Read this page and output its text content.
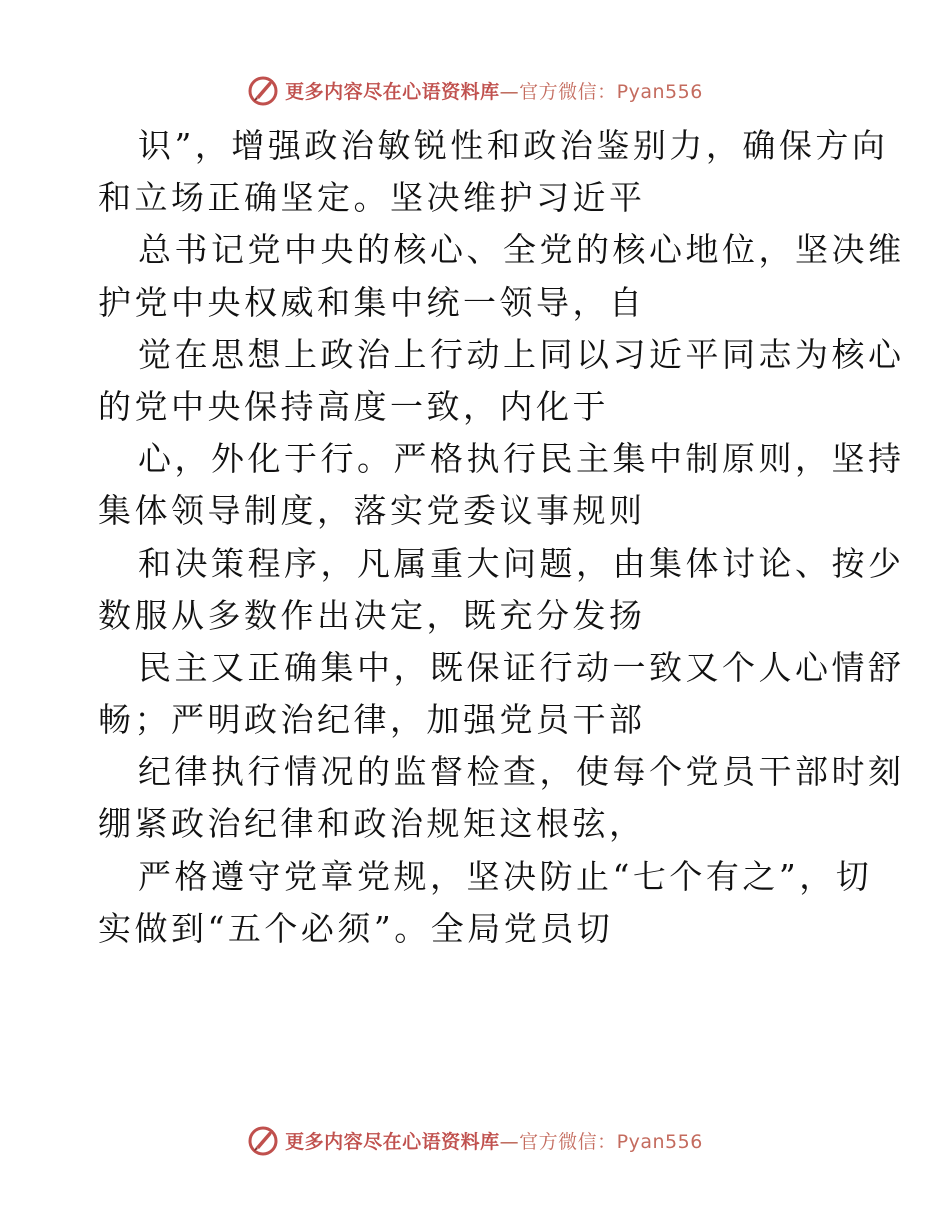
更多内容尽在心语资料库—官方微信：Pyan556
识”，增强政治敏锐性和政治鉴别力，确保方向
和立场正确坚定。坚决维护习近平
总书记党中央的核心、全党的核心地位，坚决维
护党中央权威和集中统一领导，自
觉在思想上政治上行动上同以习近平同志为核心
的党中央保持高度一致，内化于
心，外化于行。严格执行民主集中制原则，坚持
集体领导制度，落实党委议事规则
和决策程序，凡属重大问题，由集体讨论、按少
数服从多数作出决定，既充分发扬
民主又正确集中，既保证行动一致又个人心情舒
畅；严明政治纪律，加强党员干部
纪律执行情况的监督检查，使每个党员干部时刻
绷紧政治纪律和政治规矩这根弦，
严格遵守党章党规，坚决防止“七个有之”，切
实做到“五个必须”。全局党员切
更多内容尽在心语资料库—官方微信：Pyan556
